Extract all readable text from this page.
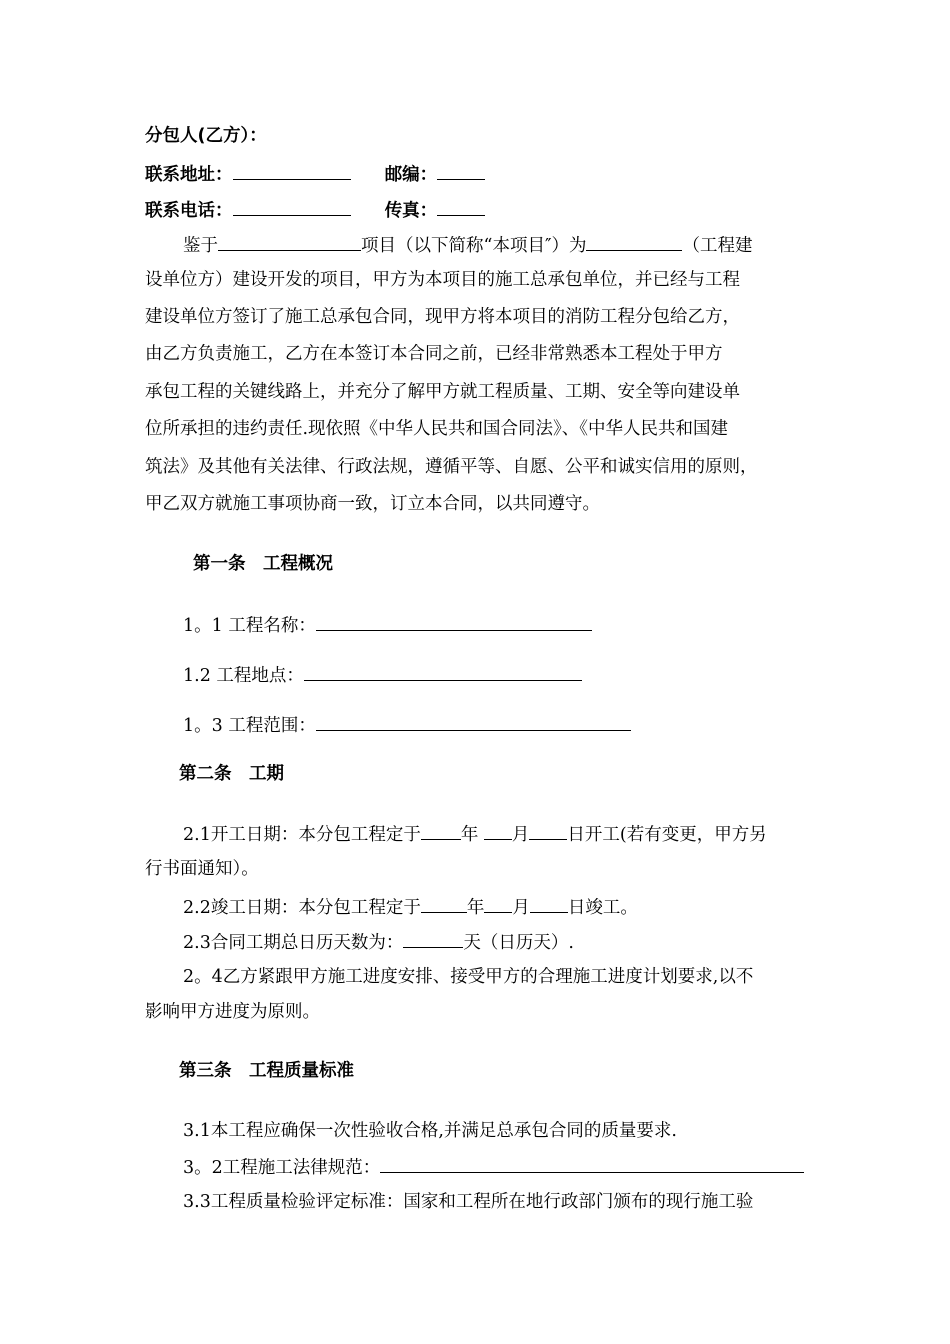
分包人(乙方）：
联系地址：	邮编：
联系电话：	传真：
鉴于	项目（以下简称“本项目″）为	（工程建
设单位方）建设开发的项目，甲方为本项目的施工总承包单位，并已经与工程
建设单位方签订了施工总承包合同，现甲方将本项目的消防工程分包给乙方，
由乙方负责施工，乙方在本签订本合同之前，已经非常熟悉本工程处于甲方
承包工程的关键线路上，并充分了解甲方就工程质量、工期、安全等向建设单
位所承担的违约责任.现依照《中华人民共和国合同法》、《中华人民共和国建
筑法》及其他有关法律、行政法规，遵循平等、自愿、公平和诚实信用的原则，
甲乙双方就施工事项协商一致，订立本合同，以共同遵守。
第一条　工程概况
1。1 工程名称：
1.2 工程地点：
1。3 工程范围：
第二条　工期
2.1开工日期：本分包工程定于 年 月 日开工(若有变更，甲方另
行书面通知）。
2.2竣工日期：本分包工程定于	年 月 日竣工。
2.3合同工期总日历天数为：	天（日历天）.
2。4乙方紧跟甲方施工进度安排、接受甲方的合理施工进度计划要求,以不
影响甲方进度为原则。
第三条　工程质量标准
3.1本工程应确保一次性验收合格,并满足总承包合同的质量要求.
3。2工程施工法律规范：
3.3工程质量检验评定标准：国家和工程所在地行政部门颁布的现行施工验
